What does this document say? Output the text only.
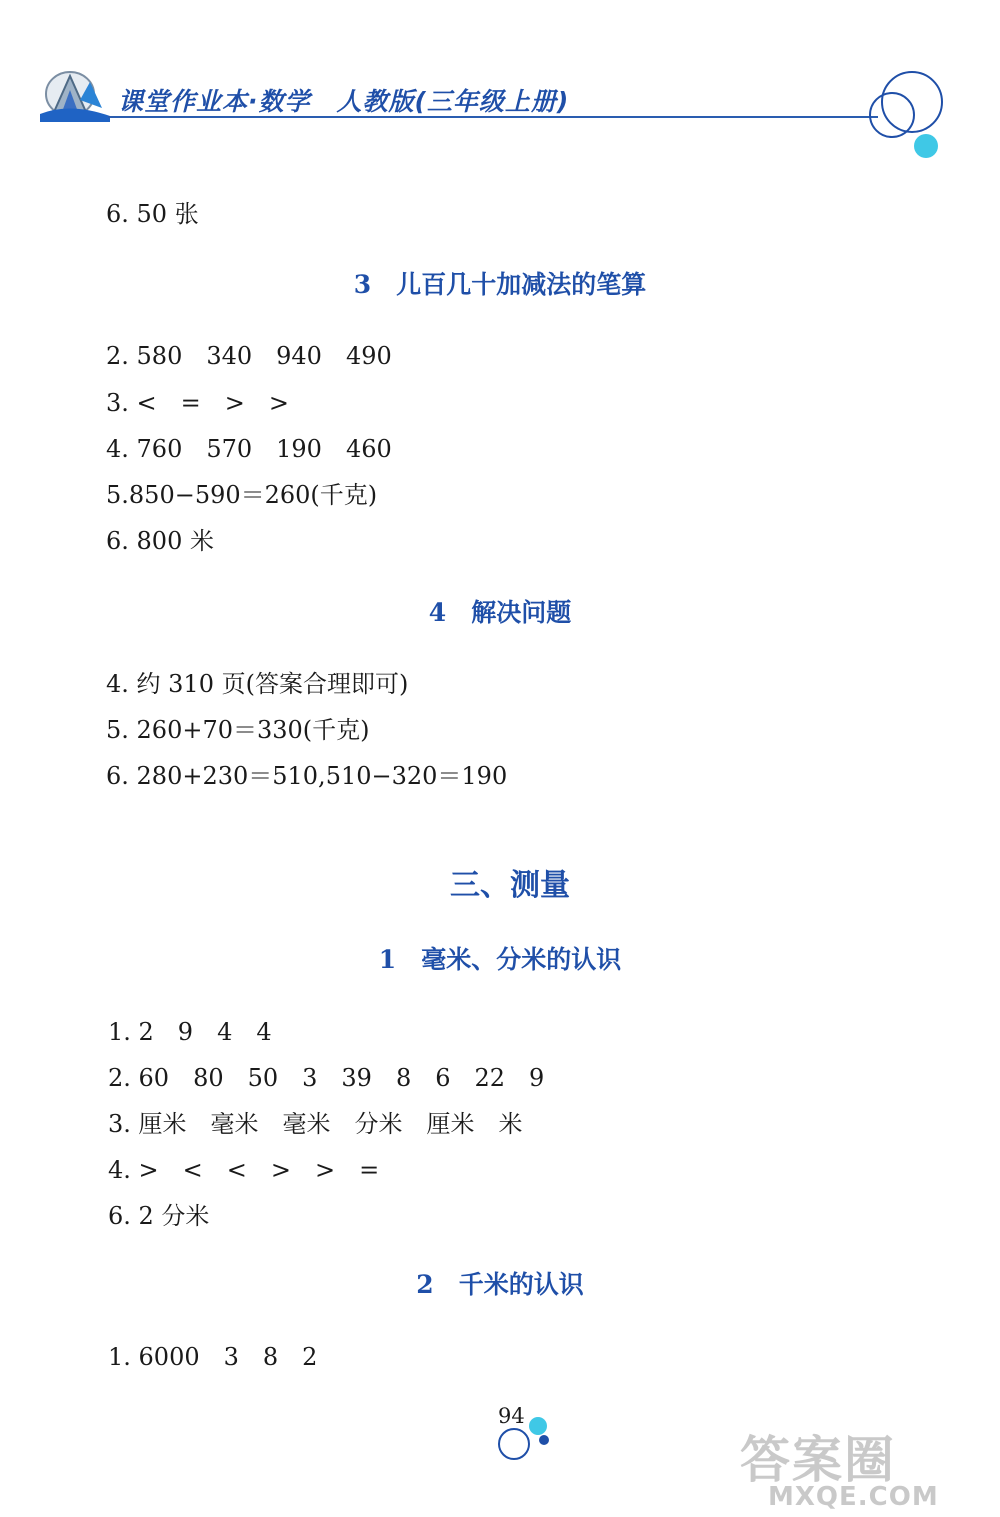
课堂作业本·数学　人教版(三年级上册)
6. 50 张
3　儿百几十加减法的笔算
2. 580　340　940　490
3. <　=　>　>
4. 760　570　190　460
5.850−590＝260(千克)
6. 800 米
4　解决问题
4. 约 310 页(答案合理即可)
5. 260+70＝330(千克)
6. 280+230＝510,510−320＝190
三、测量
1　毫米、分米的认识
1. 2　9　4　4
2. 60　80　50　3　39　8　6　22　9
3. 厘米　毫米　毫米　分米　厘米　米
4. >　<　<　>　>　=
6. 2 分米
2　千米的认识
1. 6000　3　8　2
94
答案圈
MXQE.COM
